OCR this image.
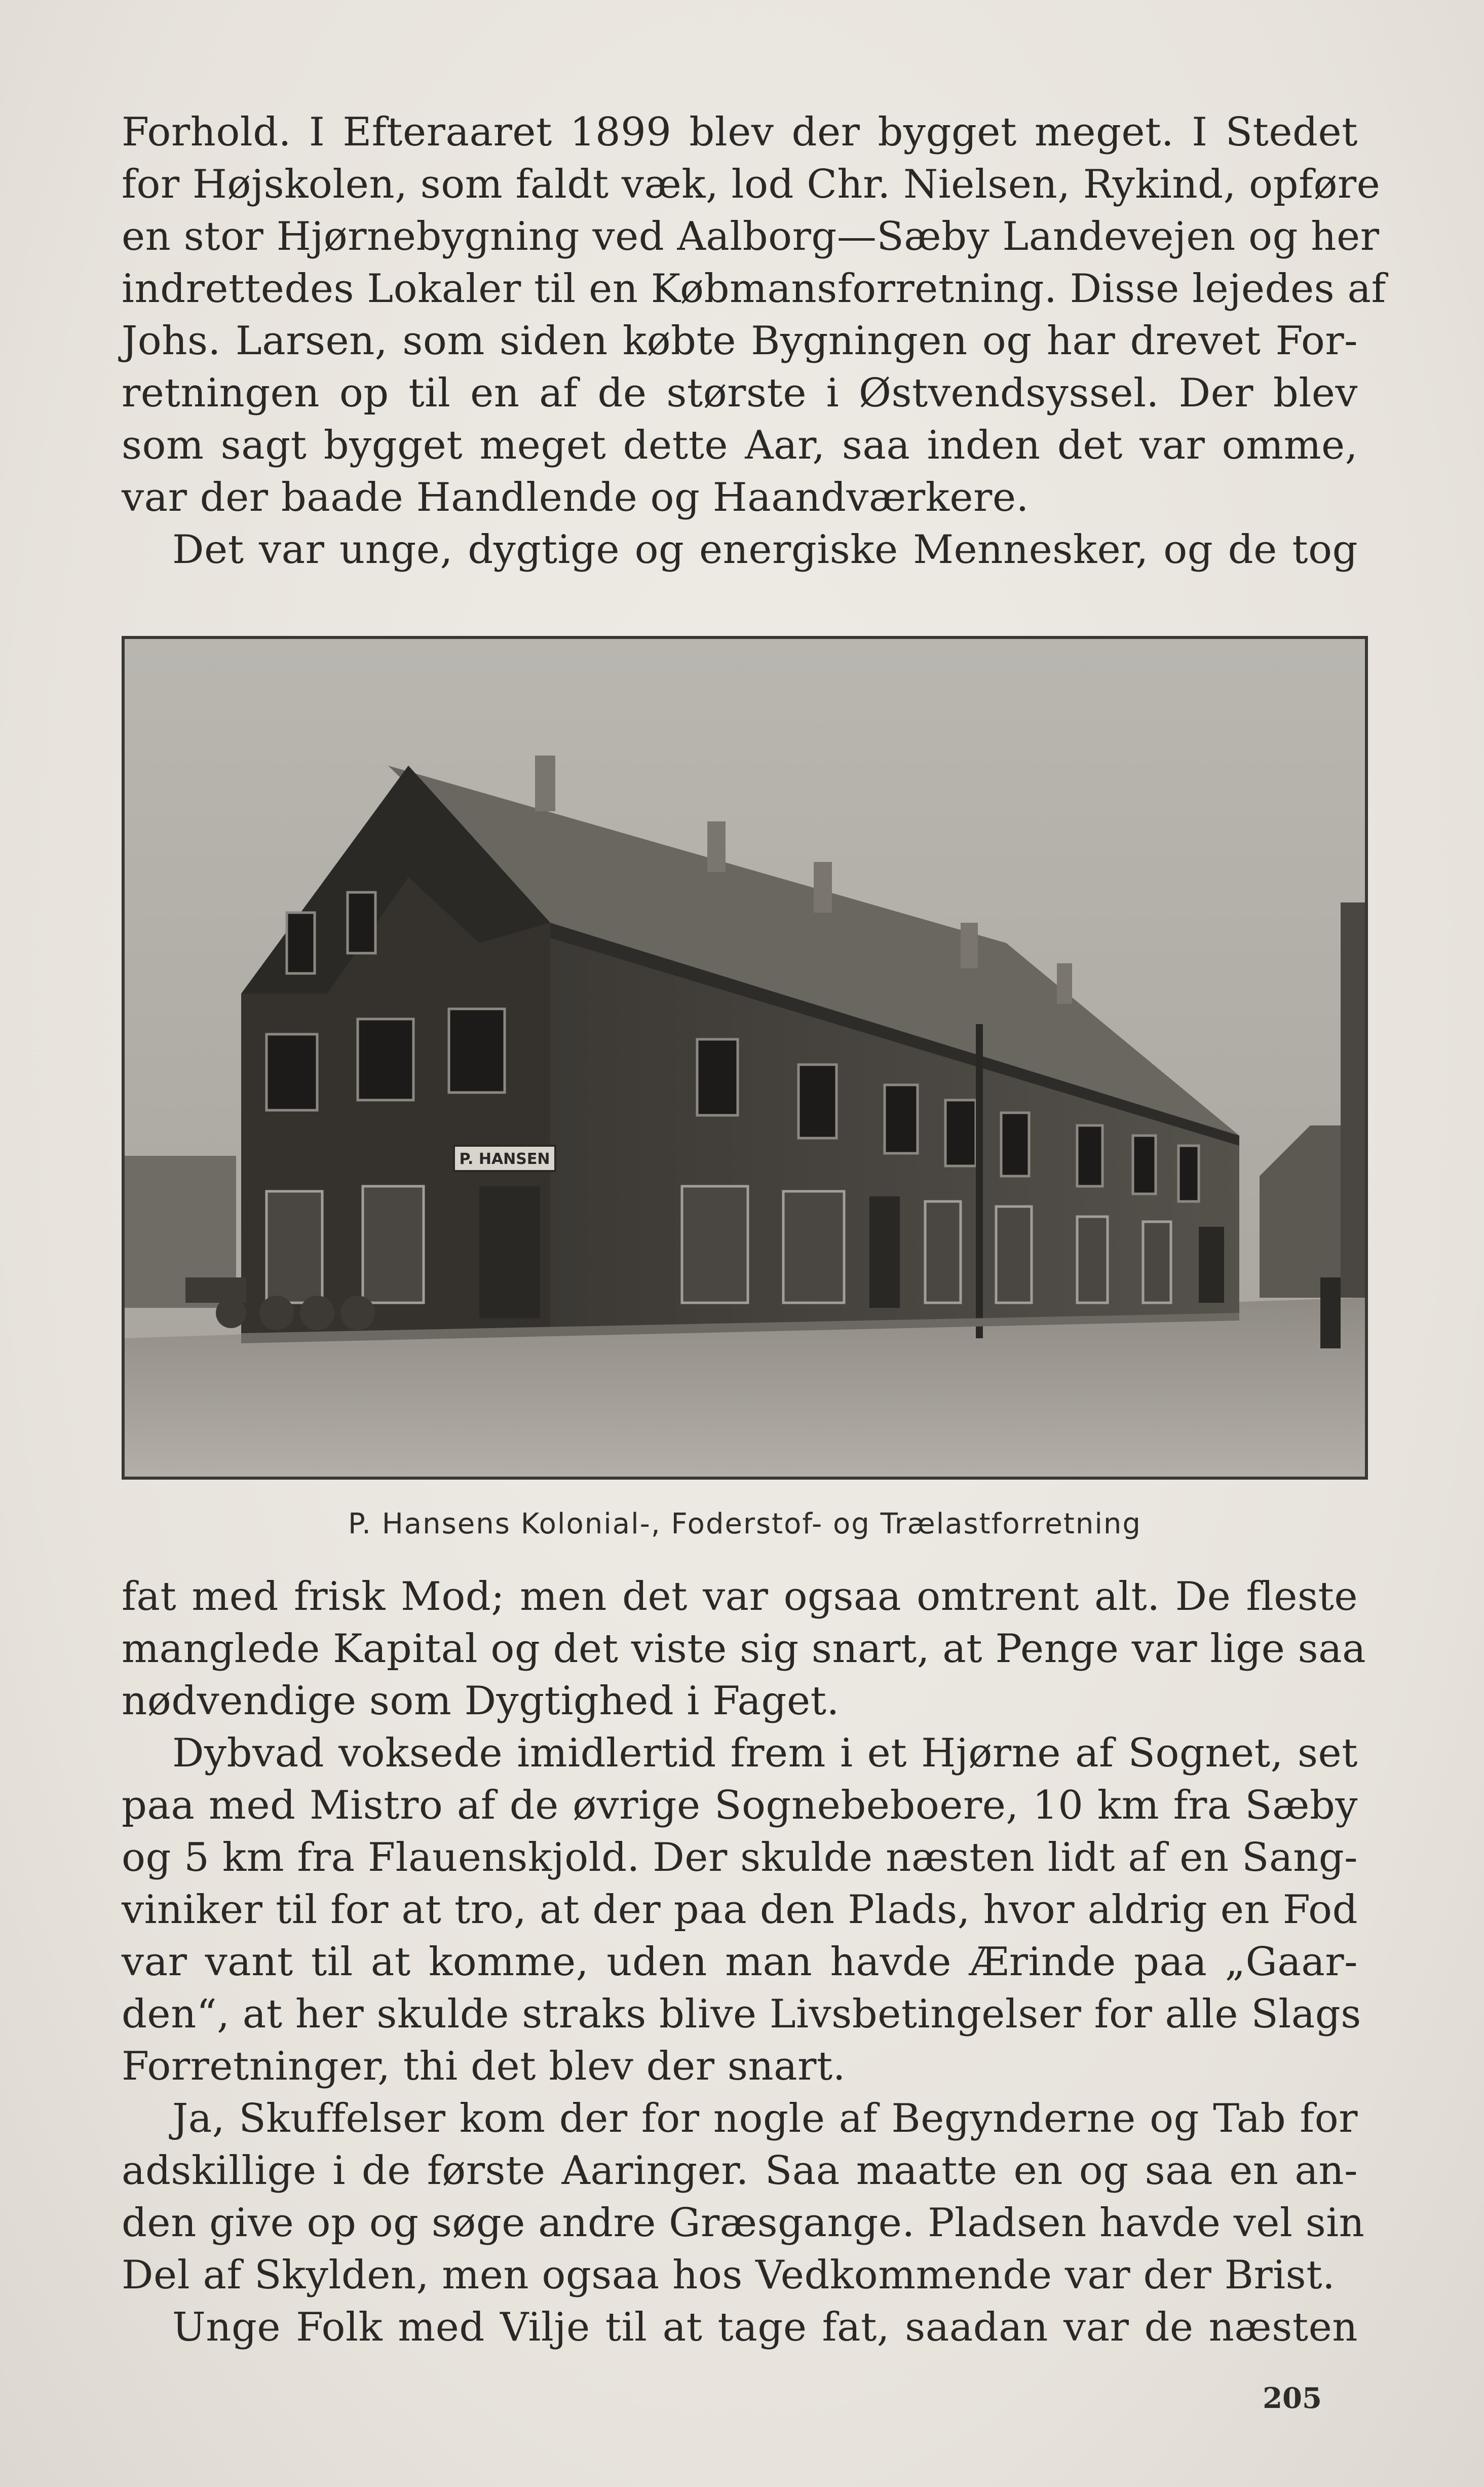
Forhold. I Efteraaret 1899 blev der bygget meget. I Stedet
for Højskolen, som faldt væk, lod Chr. Nielsen, Rykind, opføre
en stor Hjørnebygning ved Aalborg—Sæby Landevejen og her
indrettedes Lokaler til en Købmansforretning. Disse lejedes af
Johs. Larsen, som siden købte Bygningen og har drevet For-
retningen op til en af de største i Østvendsyssel. Der blev
som sagt bygget meget dette Aar, saa inden det var omme,
var der baade Handlende og Haandværkere.
Det var unge, dygtige og energiske Mennesker, og de tog
P. HANSEN
P. Hansens Kolonial-, Foderstof- og Trælastforretning
fat med frisk Mod; men det var ogsaa omtrent alt. De fleste
manglede Kapital og det viste sig snart, at Penge var lige saa
nødvendige som Dygtighed i Faget.
Dybvad voksede imidlertid frem i et Hjørne af Sognet, set
paa med Mistro af de øvrige Sognebeboere, 10 km fra Sæby
og 5 km fra Flauenskjold. Der skulde næsten lidt af en Sang-
viniker til for at tro, at der paa den Plads, hvor aldrig en Fod
var vant til at komme, uden man havde Ærinde paa „Gaar-
den“, at her skulde straks blive Livsbetingelser for alle Slags
Forretninger, thi det blev der snart.
Ja, Skuffelser kom der for nogle af Begynderne og Tab for
adskillige i de første Aaringer. Saa maatte en og saa en an-
den give op og søge andre Græsgange. Pladsen havde vel sin
Del af Skylden, men ogsaa hos Vedkommende var der Brist.
Unge Folk med Vilje til at tage fat, saadan var de næsten
205
